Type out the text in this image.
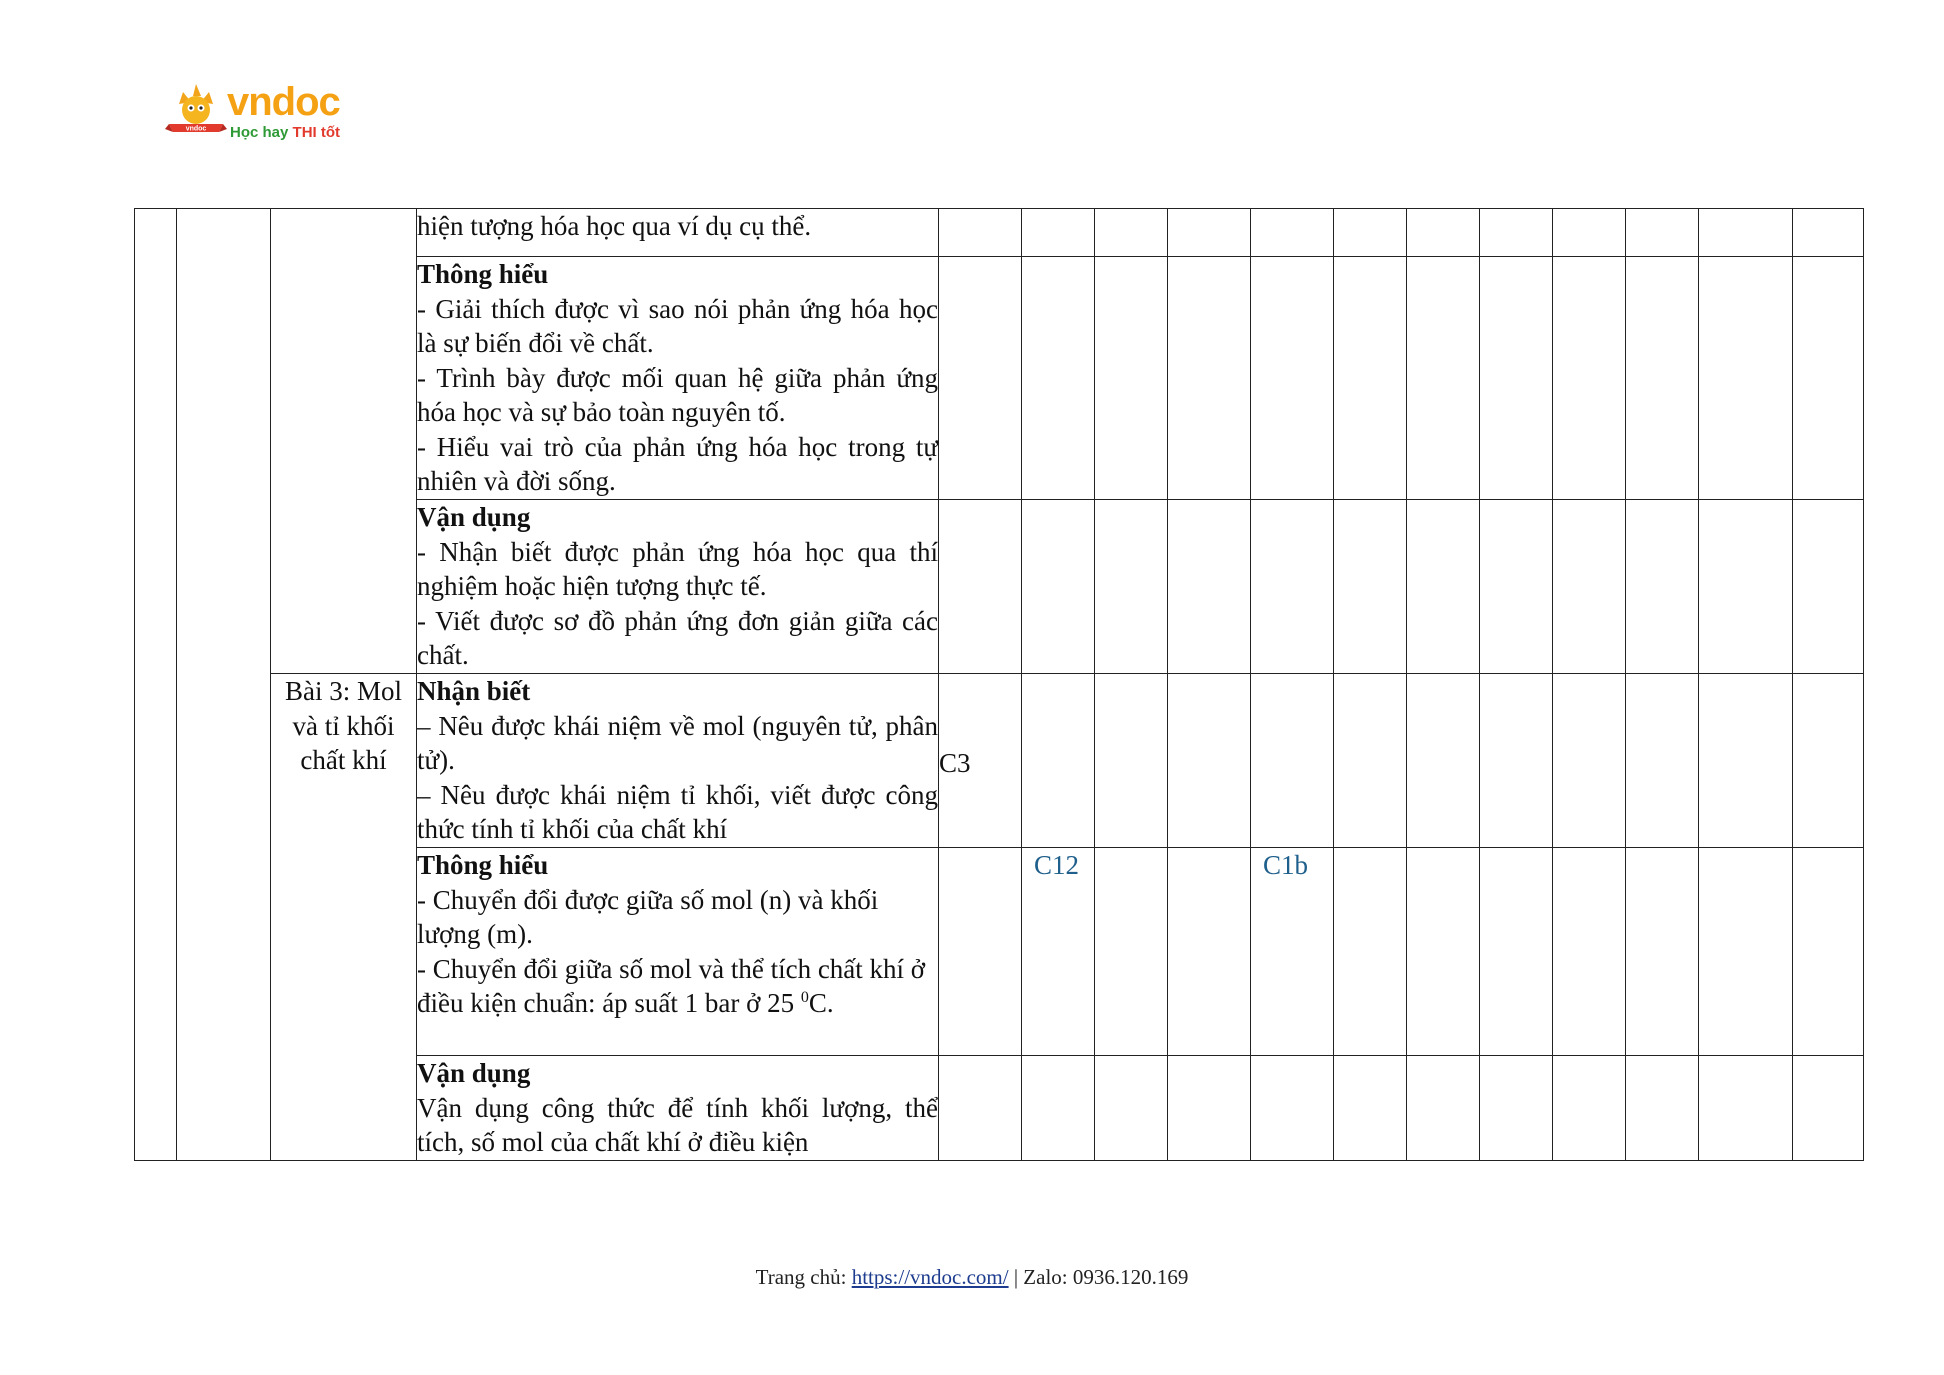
vndoc
vndoc
Học hay THI tốt
			hiện tượng hóa học qua ví dụ cụ thể.												

			Thông hiểu
- Giải thích được vì sao nói phản ứng hóa học là sự biến đổi về chất.
- Trình bày được mối quan hệ giữa phản ứng hóa học và sự bảo toàn nguyên tố.
- Hiểu vai trò của phản ứng hóa học trong tự nhiên và đời sống.												

			Vận dụng
- Nhận biết được phản ứng hóa học qua thí nghiệm hoặc hiện tượng thực tế.
- Viết được sơ đồ phản ứng đơn giản giữa các chất.												

		Bài 3: Mol và tỉ khối chất khí	Nhận biết
– Nêu được khái niệm về mol (nguyên tử, phân tử).
– Nêu được khái niệm tỉ khối, viết được công thức tính tỉ khối của chất khí	C3											

			Thông hiểu
- Chuyển đổi được giữa số mol (n) và khối lượng (m).
- Chuyển đổi giữa số mol và thể tích chất khí ở điều kiện chuẩn: áp suất 1 bar ở 25 $^0$C.		C12			C1b							

			Vận dụng
Vận dụng công thức để tính khối lượng, thể tích, số mol của chất khí ở điều kiện												

Trang chủ: https://vndoc.com/ | Zalo: 0936.120.169
